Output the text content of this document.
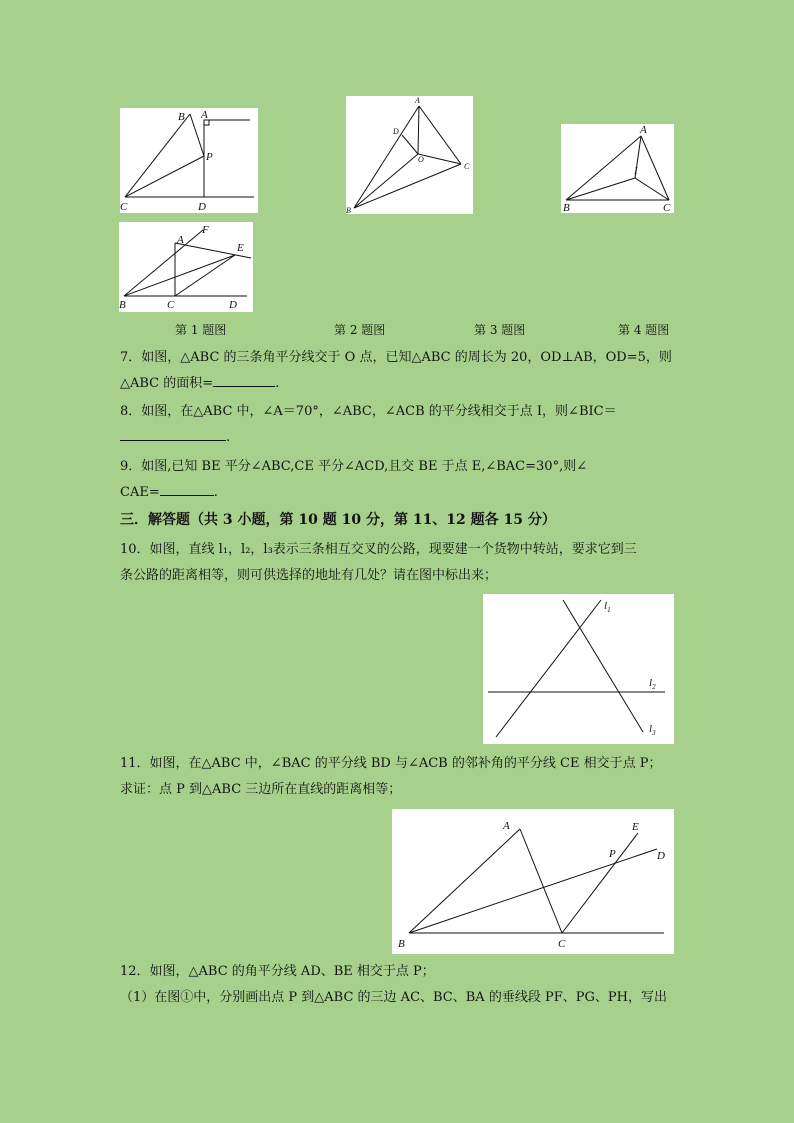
B A
P
C	D
A
D
O
C
B
A
I
B	C
A
F
E
B	C	D
第 1 题图	第 2 题图	第 3 题图	第 4 题图
7．如图，△ABC 的三条角平分线交于 O 点，已知△ABC 的周长为 20，OD⊥AB，OD=5，则
△ABC 的面积=	.
8．如图，在△ABC 中，∠A＝70°，∠ABC，∠ACB 的平分线相交于点 I，则∠BIC＝
.
9．如图,已知 BE 平分∠ABC,CE 平分∠ACD,且交 BE 于点 E,∠BAC=30°,则∠
CAE=	.
三．解答题（共 3 小题，第 10 题 10 分，第 11、12 题各 15 分）
10．如图，直线 l₁，l₂，l₃表示三条相互交叉的公路，现要建一个货物中转站，要求它到三
条公路的距离相等，则可供选择的地址有几处？请在图中标出来；
$l_1$
$l_2$
$l_3$
11．如图，在△ABC 中，∠BAC 的平分线 BD 与∠ACB 的邻补角的平分线 CE 相交于点 P；
求证：点 P 到△ABC 三边所在直线的距离相等；
A	E
P	D
B	C
12．如图，△ABC 的角平分线 AD、BE 相交于点 P；
（1）在图①中，分别画出点 P 到△ABC 的三边 AC、BC、BA 的垂线段 PF、PG、PH，写出
